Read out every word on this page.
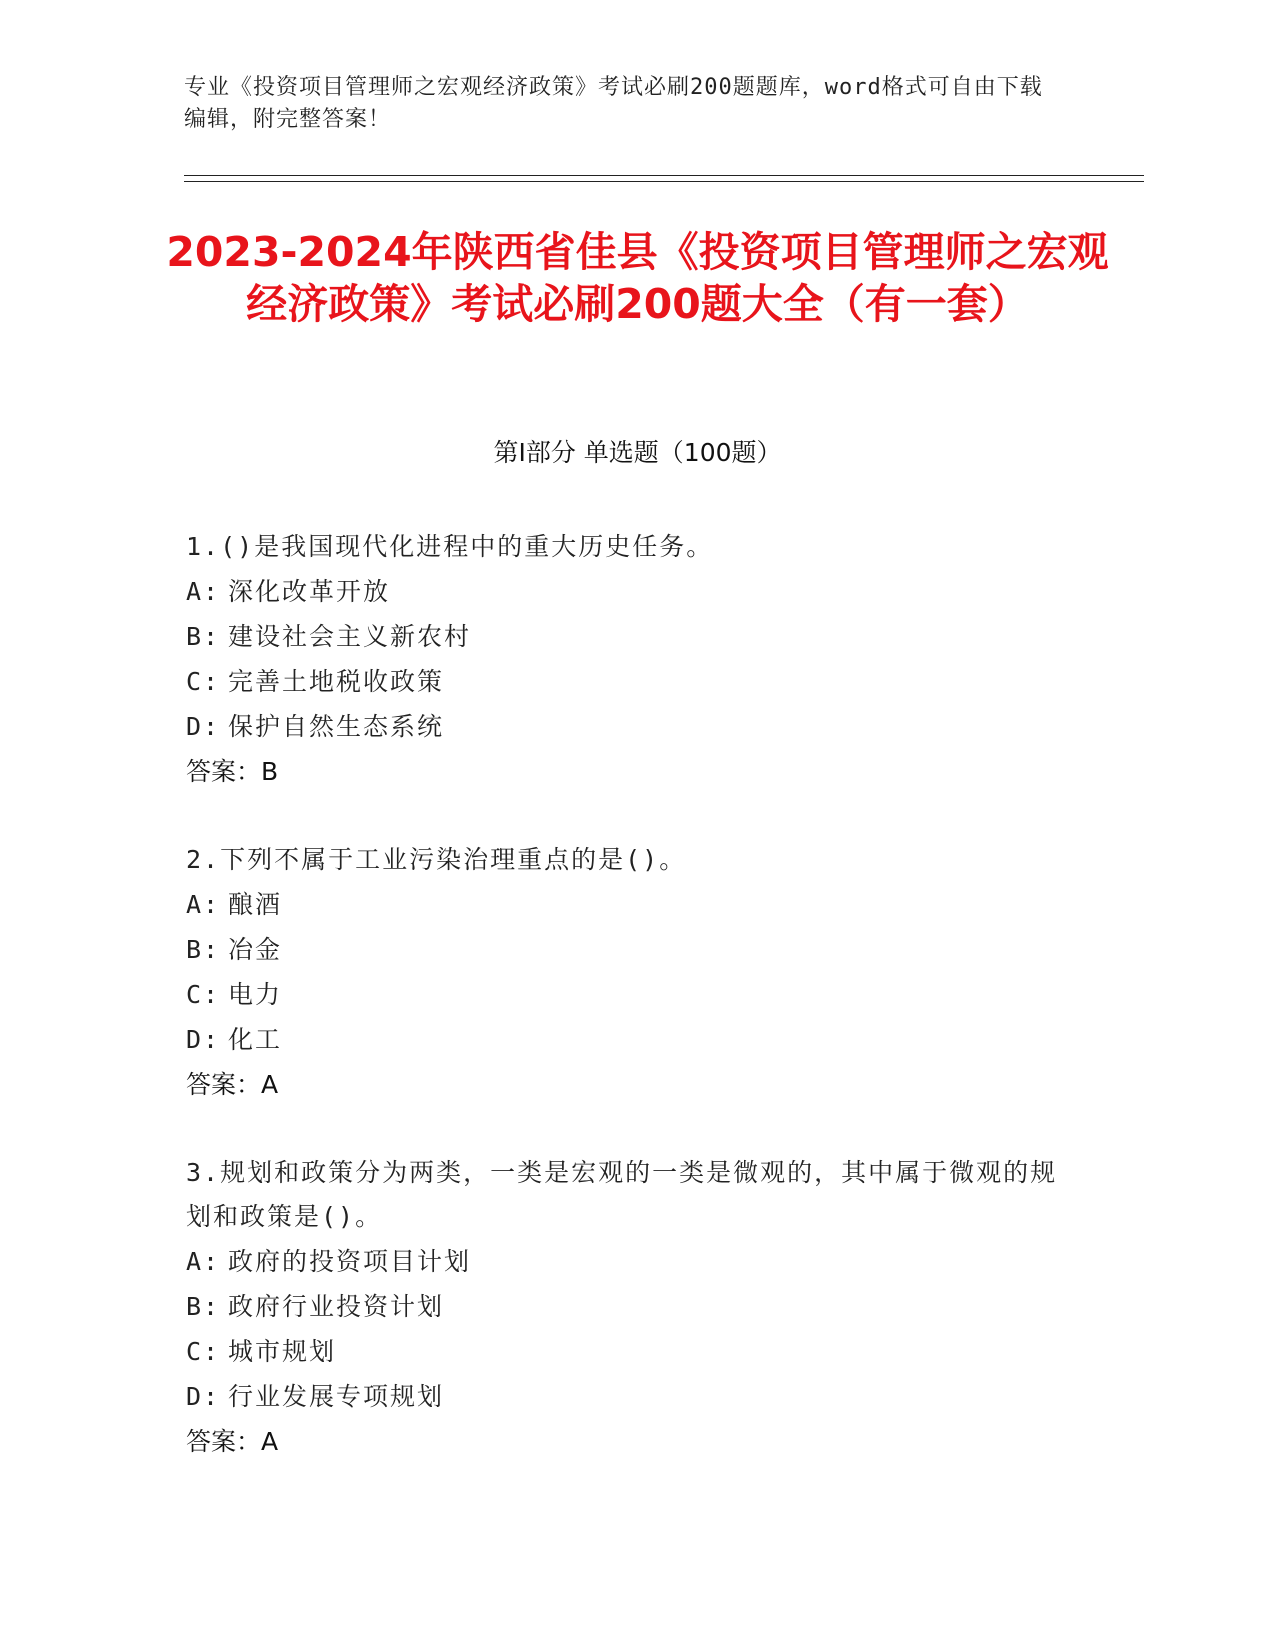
专业《投资项目管理师之宏观经济政策》考试必刷200题题库，word格式可自由下载编辑，附完整答案！
2023-2024年陕西省佳县《投资项目管理师之宏观经济政策》考试必刷200题大全（有一套）
第Ⅰ部分 单选题（100题）
1.()是我国现代化进程中的重大历史任务。
A: 深化改革开放
B: 建设社会主义新农村
C: 完善土地税收政策
D: 保护自然生态系统
答案：B
2.下列不属于工业污染治理重点的是()。
A: 酿酒
B: 冶金
C: 电力
D: 化工
答案：A
3.规划和政策分为两类，一类是宏观的一类是微观的，其中属于微观的规划和政策是()。
A: 政府的投资项目计划
B: 政府行业投资计划
C: 城市规划
D: 行业发展专项规划
答案：A
